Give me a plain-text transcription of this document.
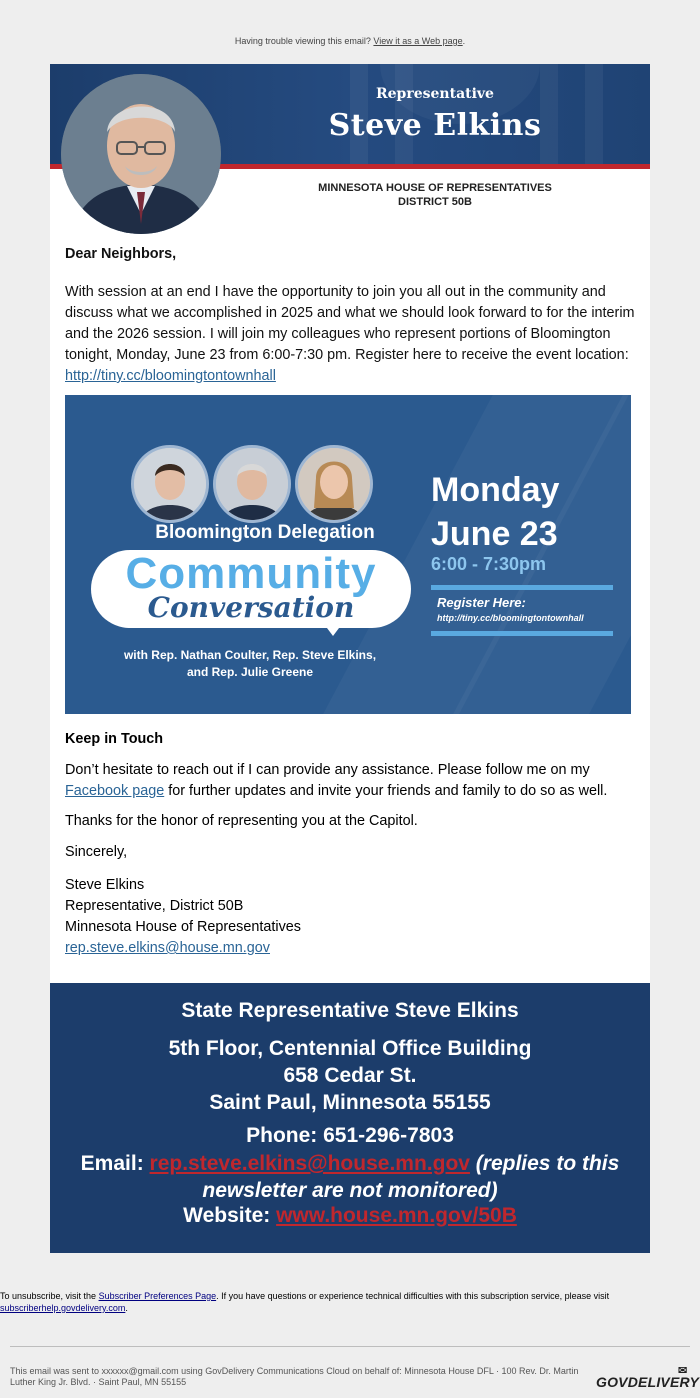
Having trouble viewing this email? View it as a Web page.
Representative
Steve Elkins
MINNESOTA HOUSE OF REPRESENTATIVES
DISTRICT 50B

Dear Neighbors,

With session at an end I have the opportunity to join you all out in the community and discuss what we accomplished in 2025 and what we should look forward to for the interim and the 2026 session. I will join my colleagues who represent portions of Bloomington tonight, Monday, June 23 from 6:00-7:30 pm. Register here to receive the event location: http://tiny.cc/bloomingtontownhall

Bloomington Delegation
Community
Conversation
with Rep. Nathan Coulter, Rep. Steve Elkins,
and Rep. Julie Greene
Monday
June 23
6:00 - 7:30pm
Register Here:
http://tiny.cc/bloomingtontownhall
Keep in Touch

Don’t hesitate to reach out if I can provide any assistance. Please follow me on my Facebook page for further updates and invite your friends and family to do so as well.

Thanks for the honor of representing you at the Capitol.
Sincerely,
Steve Elkins
Representative, District 50B
Minnesota House of Representatives
rep.steve.elkins@house.mn.gov
State Representative Steve Elkins
5th Floor, Centennial Office Building
658 Cedar St.
Saint Paul, Minnesota 55155
Phone: 651-296-7803
Email: rep.steve.elkins@house.mn.gov (replies to this newsletter are not monitored)
Website: www.house.mn.gov/50B
To unsubscribe, visit the Subscriber Preferences Page. If you have questions or experience technical difficulties with this subscription service, please visit subscriberhelp.govdelivery.com.
This email was sent to xxxxxx@gmail.com using GovDelivery Communications Cloud on behalf of: Minnesota House DFL · 100 Rev. Dr. Martin Luther King Jr. Blvd. · Saint Paul, MN 55155	GOVDELIVERY
✉
